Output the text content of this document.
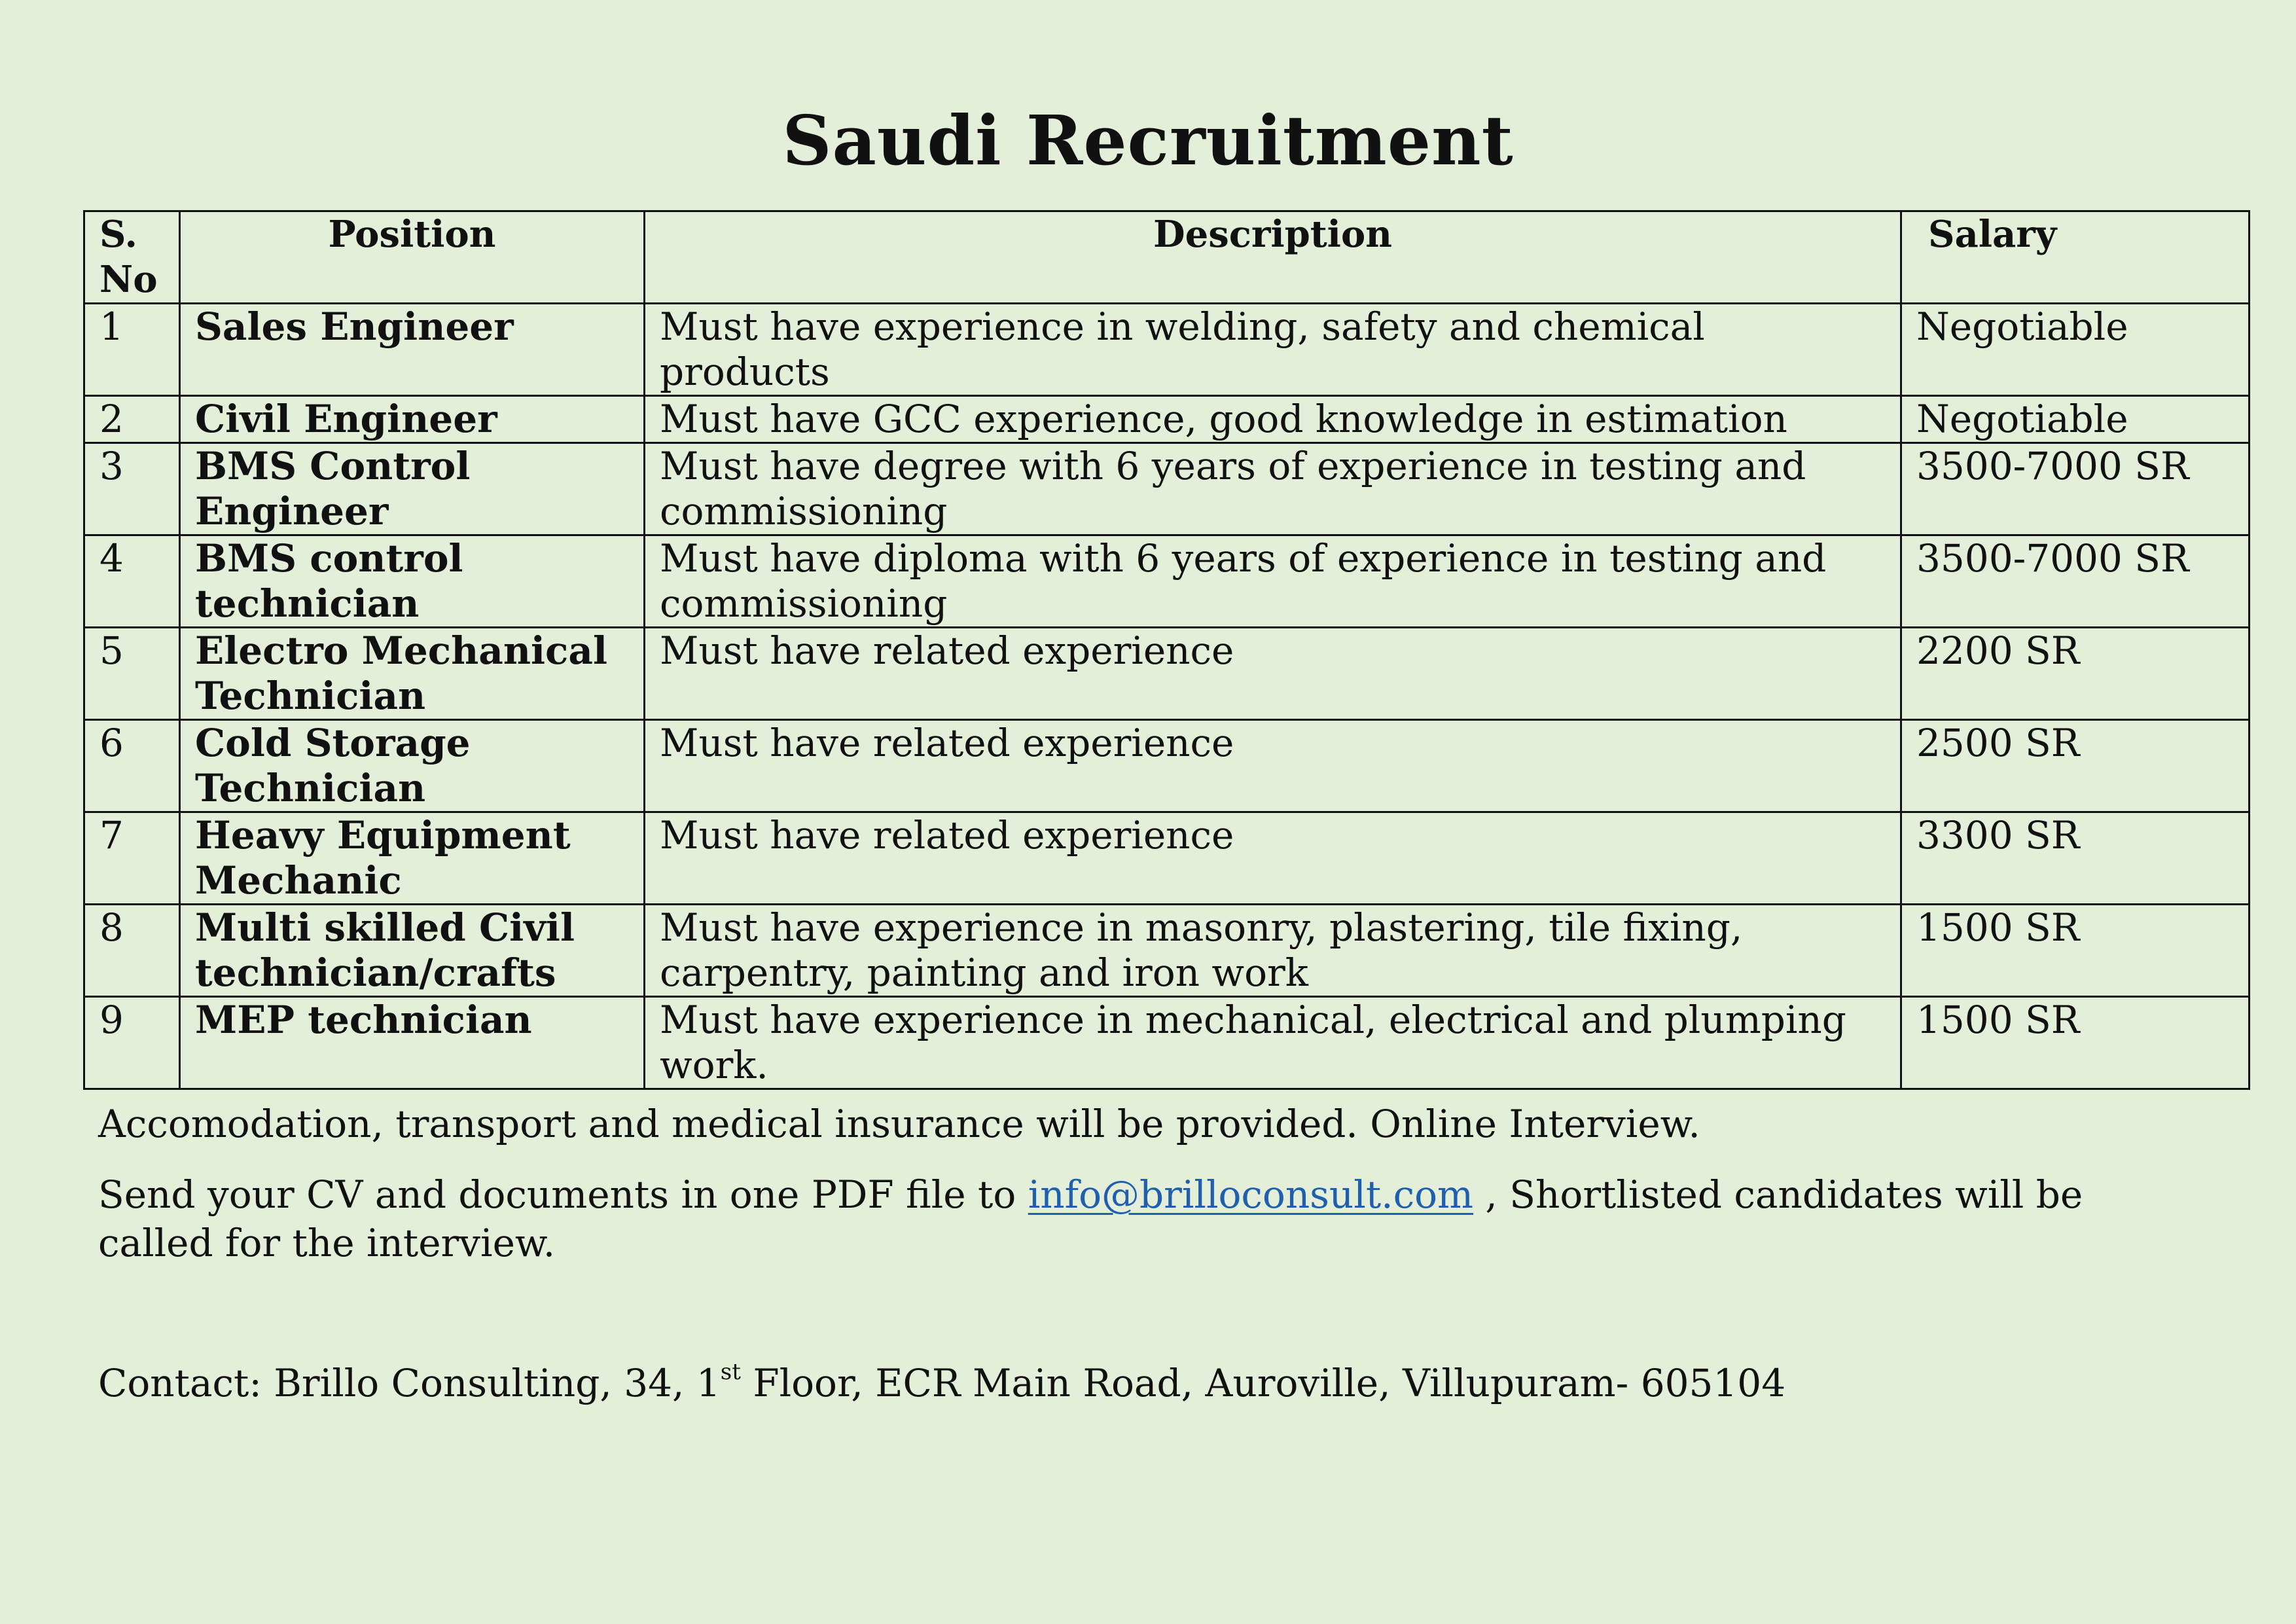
Saudi Recruitment
S. No	Position	Description	Salary
1	Sales Engineer	Must have experience in welding, safety and chemical products	Negotiable
2	Civil Engineer	Must have GCC experience, good knowledge in estimation	Negotiable
3	BMS Control Engineer	Must have degree with 6 years of experience in testing and commissioning	3500-7000 SR
4	BMS control technician	Must have diploma with 6 years of experience in testing and commissioning	3500-7000 SR
5	Electro Mechanical Technician	Must have related experience	2200 SR
6	Cold Storage Technician	Must have related experience	2500 SR
7	Heavy Equipment Mechanic	Must have related experience	3300 SR
8	Multi skilled Civil technician/crafts	Must have experience in masonry, plastering, tile fixing, carpentry, painting and iron work	1500 SR
9	MEP technician	Must have experience in mechanical, electrical and plumping work.	1500 SR
Accomodation, transport and medical insurance will be provided. Online Interview.
Send your CV and documents in one PDF file to info@brilloconsult.com , Shortlisted candidates will be called for the interview.
Contact: Brillo Consulting, 34, 1st Floor, ECR Main Road, Auroville, Villupuram- 605104
